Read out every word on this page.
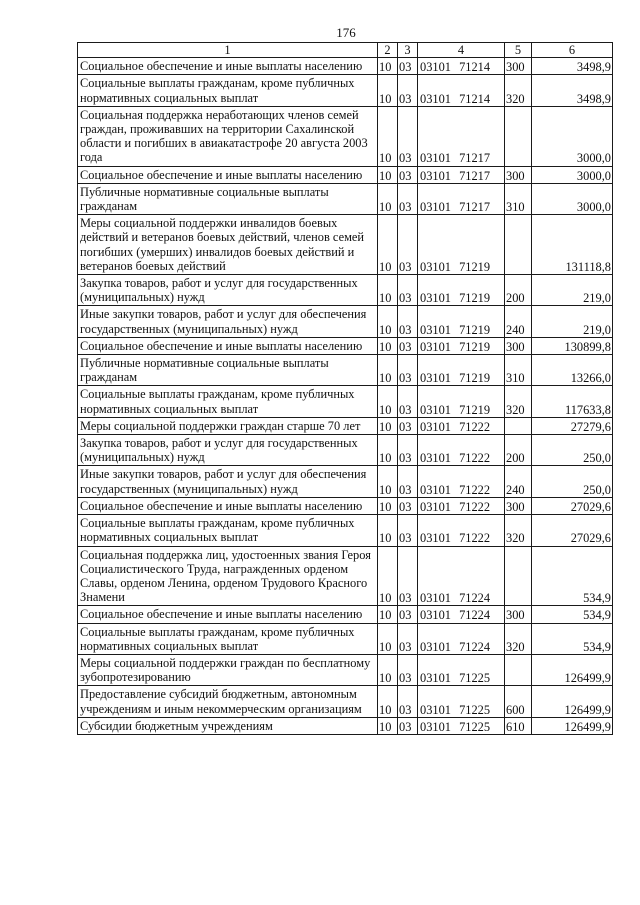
176
1	2	3	4	5	6
Социальное обеспечение и иные выплаты населению	10	03	03101 71214	300	3498,9
Социальные выплаты гражданам, кроме публичных нормативных социальных выплат	10	03	03101 71214	320	3498,9
Социальная поддержка неработающих членов семей граждан, проживавших на территории Сахалинской области и погибших в авиакатастрофе 20 августа 2003 года	10	03	03101 71217		3000,0
Социальное обеспечение и иные выплаты населению	10	03	03101 71217	300	3000,0
Публичные нормативные социальные выплаты гражданам	10	03	03101 71217	310	3000,0
Меры социальной поддержки инвалидов боевых действий и ветеранов боевых действий, членов семей погибших (умерших) инвалидов боевых действий и ветеранов боевых действий	10	03	03101 71219		131118,8
Закупка товаров, работ и услуг для государственных (муниципальных) нужд	10	03	03101 71219	200	219,0
Иные закупки товаров, работ и услуг для обеспечения государственных (муниципальных) нужд	10	03	03101 71219	240	219,0
Социальное обеспечение и иные выплаты населению	10	03	03101 71219	300	130899,8
Публичные нормативные социальные выплаты гражданам	10	03	03101 71219	310	13266,0
Социальные выплаты гражданам, кроме публичных нормативных социальных выплат	10	03	03101 71219	320	117633,8
Меры социальной поддержки граждан старше 70 лет	10	03	03101 71222		27279,6
Закупка товаров, работ и услуг для государственных (муниципальных) нужд	10	03	03101 71222	200	250,0
Иные закупки товаров, работ и услуг для обеспечения государственных (муниципальных) нужд	10	03	03101 71222	240	250,0
Социальное обеспечение и иные выплаты населению	10	03	03101 71222	300	27029,6
Социальные выплаты гражданам, кроме публичных нормативных социальных выплат	10	03	03101 71222	320	27029,6
Социальная поддержка лиц, удостоенных звания Героя Социалистического Труда, награжденных орденом Славы, орденом Ленина, орденом Трудового Красного Знамени	10	03	03101 71224		534,9
Социальное обеспечение и иные выплаты населению	10	03	03101 71224	300	534,9
Социальные выплаты гражданам, кроме публичных нормативных социальных выплат	10	03	03101 71224	320	534,9
Меры социальной поддержки граждан по бесплатному зубопротезированию	10	03	03101 71225		126499,9
Предоставление субсидий бюджетным, автономным учреждениям и иным некоммерческим организациям	10	03	03101 71225	600	126499,9
Субсидии бюджетным учреждениям	10	03	03101 71225	610	126499,9
